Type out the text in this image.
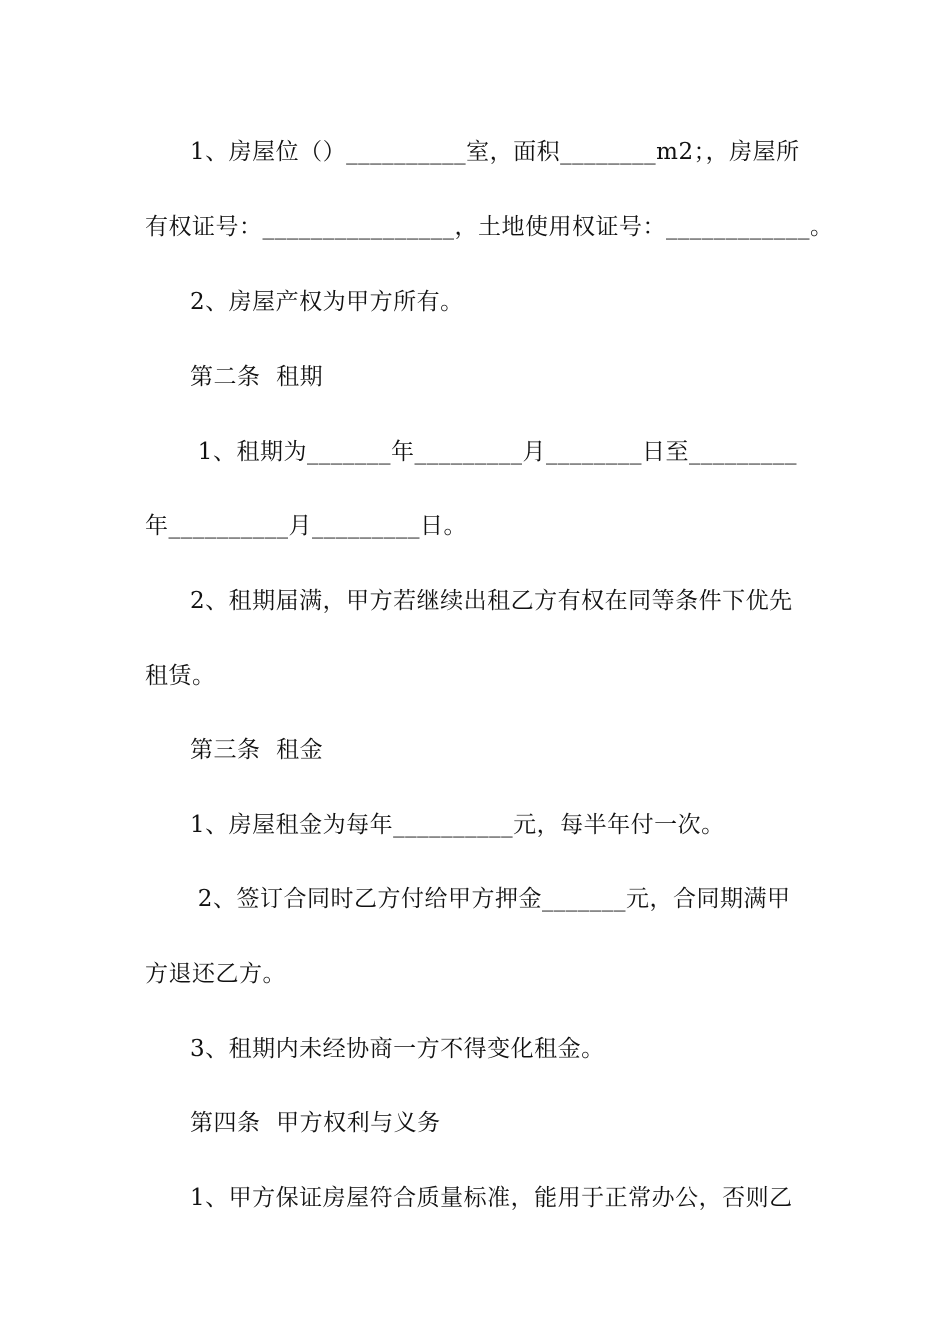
1、房屋位（）__________室，面积________m2；，房屋所
有权证号：________________，土地使用权证号：____________。
2、房屋产权为甲方所有。
第二条  租期
1、租期为_______年_________月________日至_________
年__________月_________日。
2、租期届满，甲方若继续出租乙方有权在同等条件下优先
租赁。
第三条  租金
1、房屋租金为每年__________元，每半年付一次。
2、签订合同时乙方付给甲方押金_______元，合同期满甲
方退还乙方。
3、租期内未经协商一方不得变化租金。
第四条  甲方权利与义务
1、甲方保证房屋符合质量标准，能用于正常办公，否则乙
